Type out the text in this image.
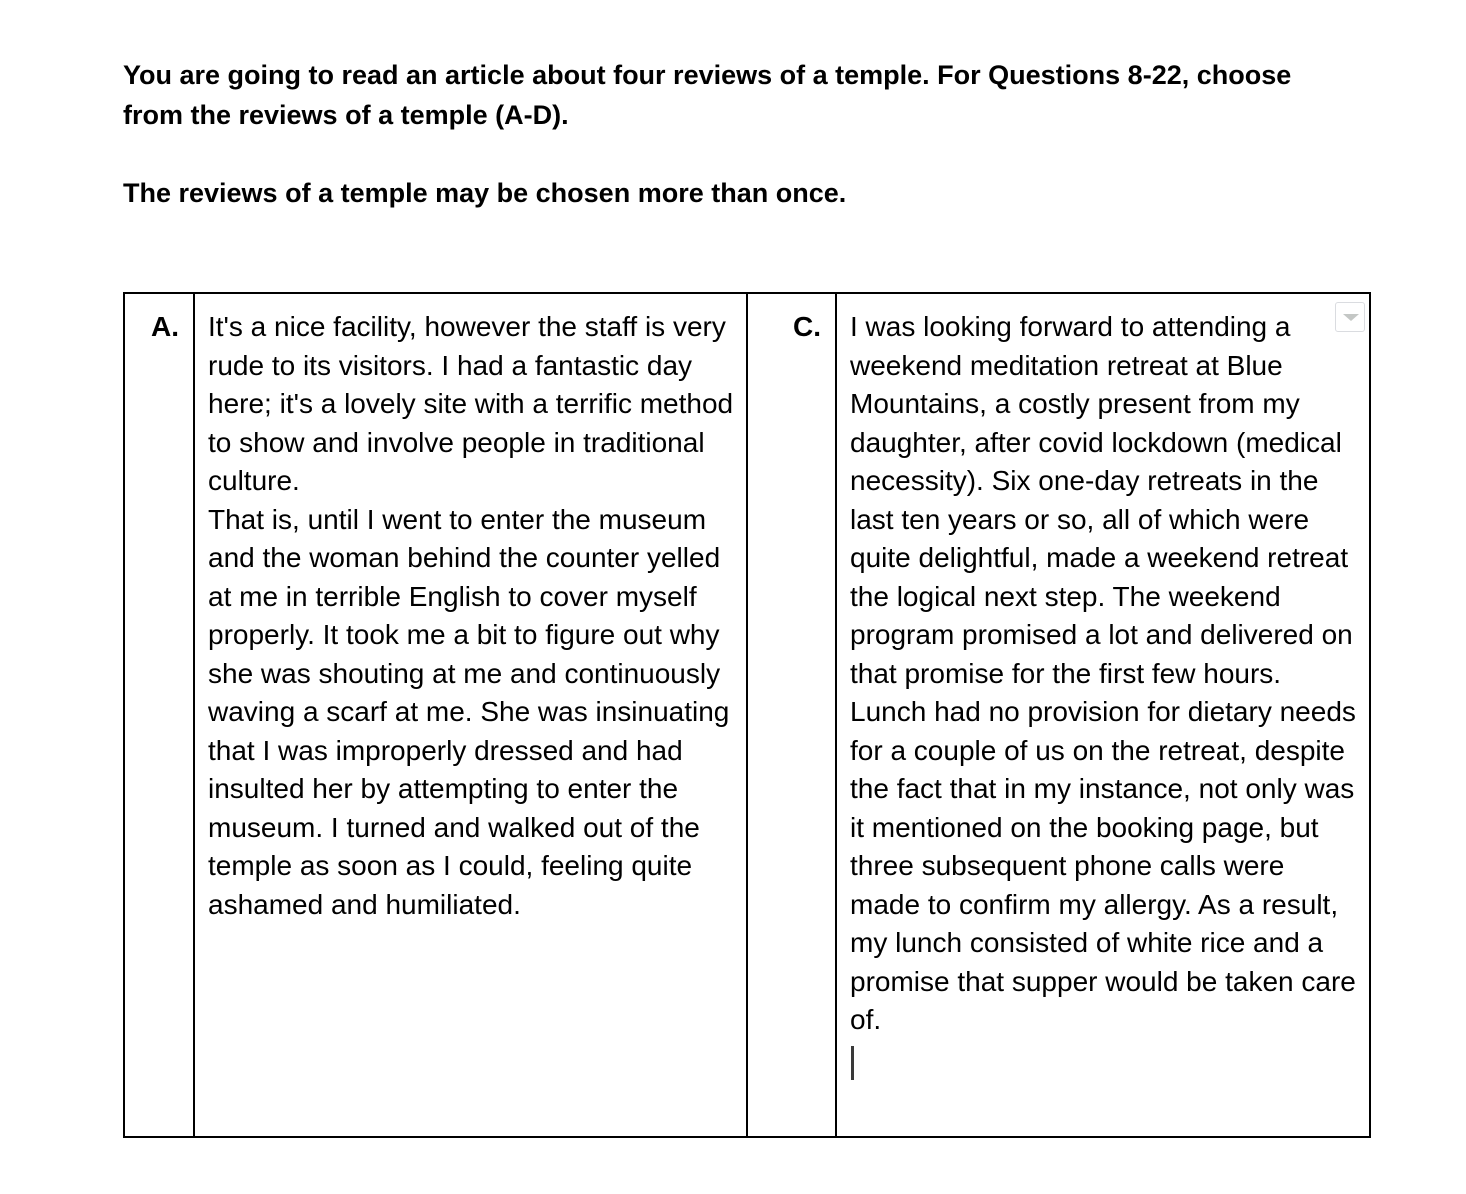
You are going to read an article about four reviews of a temple. For Questions 8-22, choose from the reviews of a temple (A-D).

The reviews of a temple may be chosen more than once.

A.	It's a nice facility, however the staff is very rude to its visitors. I had a fantastic day here; it's a lovely site with a terrific method to show and involve people in traditional culture.
That is, until I went to enter the museum and the woman behind the counter yelled at me in terrible English to cover myself properly. It took me a bit to figure out why she was shouting at me and continuously waving a scarf at me. She was insinuating that I was improperly dressed and had insulted her by attempting to enter the museum. I turned and walked out of the temple as soon as I could, feeling quite ashamed and humiliated.
	C.	I was looking forward to attending a weekend meditation retreat at Blue Mountains, a costly present from my daughter, after covid lockdown (medical necessity). Six one-day retreats in the last ten years or so, all of which were quite delightful, made a weekend retreat the logical next step. The weekend program promised a lot and delivered on that promise for the first few hours. Lunch had no provision for dietary needs for a couple of us on the retreat, despite the fact that in my instance, not only was it mentioned on the booking page, but three subsequent phone calls were made to confirm my allergy. As a result, my lunch consisted of white rice and a promise that supper would be taken care of.
